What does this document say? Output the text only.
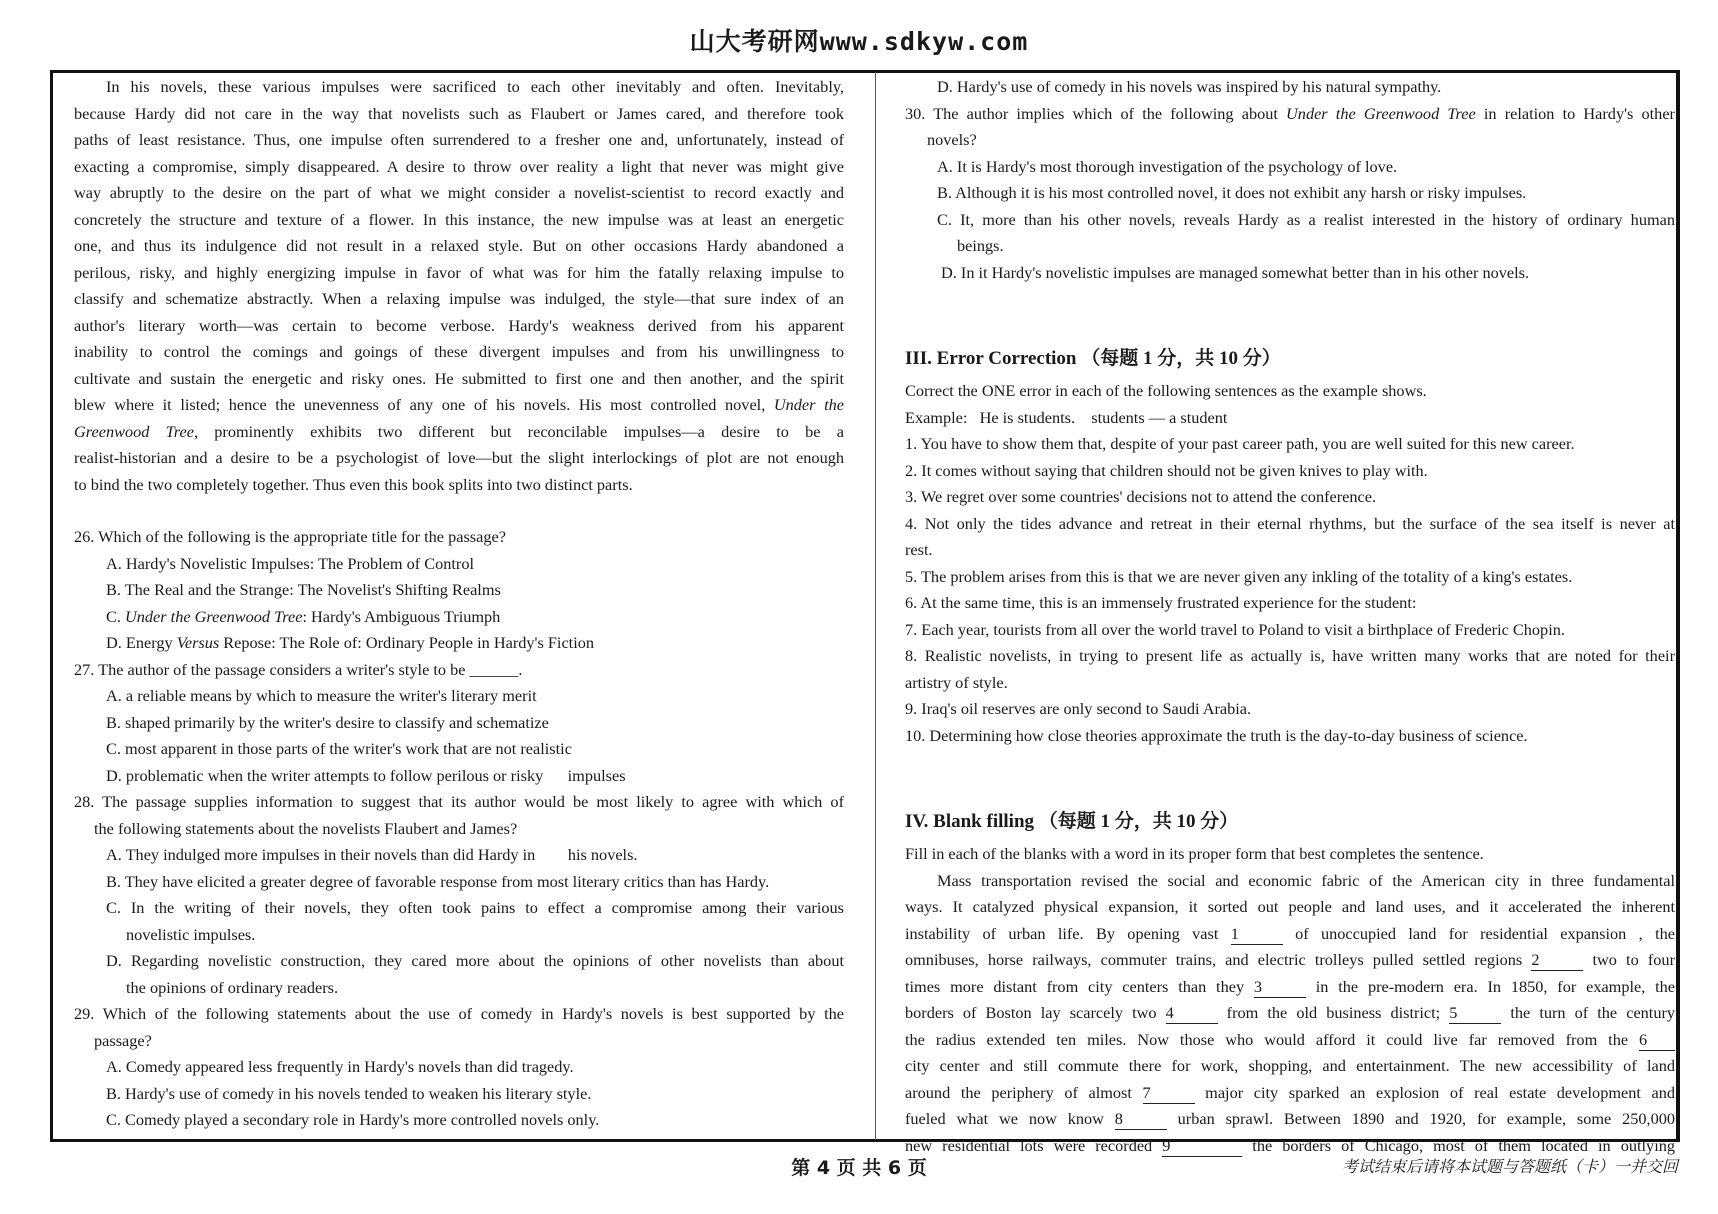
山大考研网www.sdkyw.com

In his novels, these various impulses were sacrificed to each other inevitably and often. Inevitably,

because Hardy did not care in the way that novelists such as Flaubert or James cared, and therefore took

paths of least resistance. Thus, one impulse often surrendered to a fresher one and, unfortunately, instead of

exacting a compromise, simply disappeared. A desire to throw over reality a light that never was might give

way abruptly to the desire on the part of what we might consider a novelist-scientist to record exactly and

concretely the structure and texture of a flower. In this instance, the new impulse was at least an energetic

one, and thus its indulgence did not result in a relaxed style. But on other occasions Hardy abandoned a

perilous, risky, and highly energizing impulse in favor of what was for him the fatally relaxing impulse to

classify and schematize abstractly. When a relaxing impulse was indulged, the style—that sure index of an

author's literary worth—was certain to become verbose. Hardy's weakness derived from his apparent

inability to control the comings and goings of these divergent impulses and from his unwillingness to

cultivate and sustain the energetic and risky ones. He submitted to first one and then another, and the spirit

blew where it listed; hence the unevenness of any one of his novels. His most controlled novel, Under the

Greenwood Tree, prominently exhibits two different but reconcilable impulses—a desire to be a

realist-historian and a desire to be a psychologist of love—but the slight interlockings of plot are not enough

to bind the two completely together. Thus even this book splits into two distinct parts.

26. Which of the following is the appropriate title for the passage?

A. Hardy's Novelistic Impulses: The Problem of Control

B. The Real and the Strange: The Novelist's Shifting Realms

C. Under the Greenwood Tree: Hardy's Ambiguous Triumph

D. Energy Versus Repose: The Role of: Ordinary People in Hardy's Fiction

27. The author of the passage considers a writer's style to be ______.

A. a reliable means by which to measure the writer's literary merit

B. shaped primarily by the writer's desire to classify and schematize

C. most apparent in those parts of the writer's work that are not realistic

D. problematic when the writer attempts to follow perilous or risky      impulses

28. The passage supplies information to suggest that its author would be most likely to agree with which of

the following statements about the novelists Flaubert and James?

A. They indulged more impulses in their novels than did Hardy in        his novels.

B. They have elicited a greater degree of favorable response from most literary critics than has Hardy.

C. In the writing of their novels, they often took pains to effect a compromise among their various

novelistic impulses.

D. Regarding novelistic construction, they cared more about the opinions of other novelists than about

the opinions of ordinary readers.

29. Which of the following statements about the use of comedy in Hardy's novels is best supported by the

passage?

A. Comedy appeared less frequently in Hardy's novels than did tragedy.

B. Hardy's use of comedy in his novels tended to weaken his literary style.

C. Comedy played a secondary role in Hardy's more controlled novels only.

D. Hardy's use of comedy in his novels was inspired by his natural sympathy.

30. The author implies which of the following about Under the Greenwood Tree in relation to Hardy's other

novels?

A. It is Hardy's most thorough investigation of the psychology of love.

B. Although it is his most controlled novel, it does not exhibit any harsh or risky impulses.

C. It, more than his other novels, reveals Hardy as a realist interested in the history of ordinary human

beings.

D. In it Hardy's novelistic impulses are managed somewhat better than in his other novels.

III. Error Correction （每题 1 分，共 10 分）

Correct the ONE error in each of the following sentences as the example shows.

Example:   He is students.    students — a student

1. You have to show them that, despite of your past career path, you are well suited for this new career.

2. It comes without saying that children should not be given knives to play with.

3. We regret over some countries' decisions not to attend the conference.

4. Not only the tides advance and retreat in their eternal rhythms, but the surface of the sea itself is never at

rest.

5. The problem arises from this is that we are never given any inkling of the totality of a king's estates.

6. At the same time, this is an immensely frustrated experience for the student:

7. Each year, tourists from all over the world travel to Poland to visit a birthplace of Frederic Chopin.

8. Realistic novelists, in trying to present life as actually is, have written many works that are noted for their

artistry of style.

9. Iraq's oil reserves are only second to Saudi Arabia.

10. Determining how close theories approximate the truth is the day-to-day business of science.

IV. Blank filling （每题 1 分，共 10 分）

Fill in each of the blanks with a word in its proper form that best completes the sentence.

Mass transportation revised the social and economic fabric of the American city in three fundamental

ways. It catalyzed physical expansion, it sorted out people and land uses, and it accelerated the inherent

instability of urban life. By opening vast 1	of unoccupied land for residential expansion , the

omnibuses, horse railways, commuter trains, and electric trolleys pulled settled regions 2	two to four

times more distant from city centers than they 3	in the pre-modern era. In 1850, for example, the

borders of Boston lay scarcely two 4	from the old business district; 5	the turn of the century

the radius extended ten miles. Now those who would afford it could live far removed from the 6

city center and still commute there for work, shopping, and entertainment. The new accessibility of land

around the periphery of almost 7	major city sparked an explosion of real estate development and

fueled what we now know 8	urban sprawl. Between 1890 and 1920, for example, some 250,000

new residential lots were recorded 9	the borders of Chicago, most of them located in outlying

第 4 页 共 6 页	考试结束后请将本试题与答题纸（卡）一并交回
